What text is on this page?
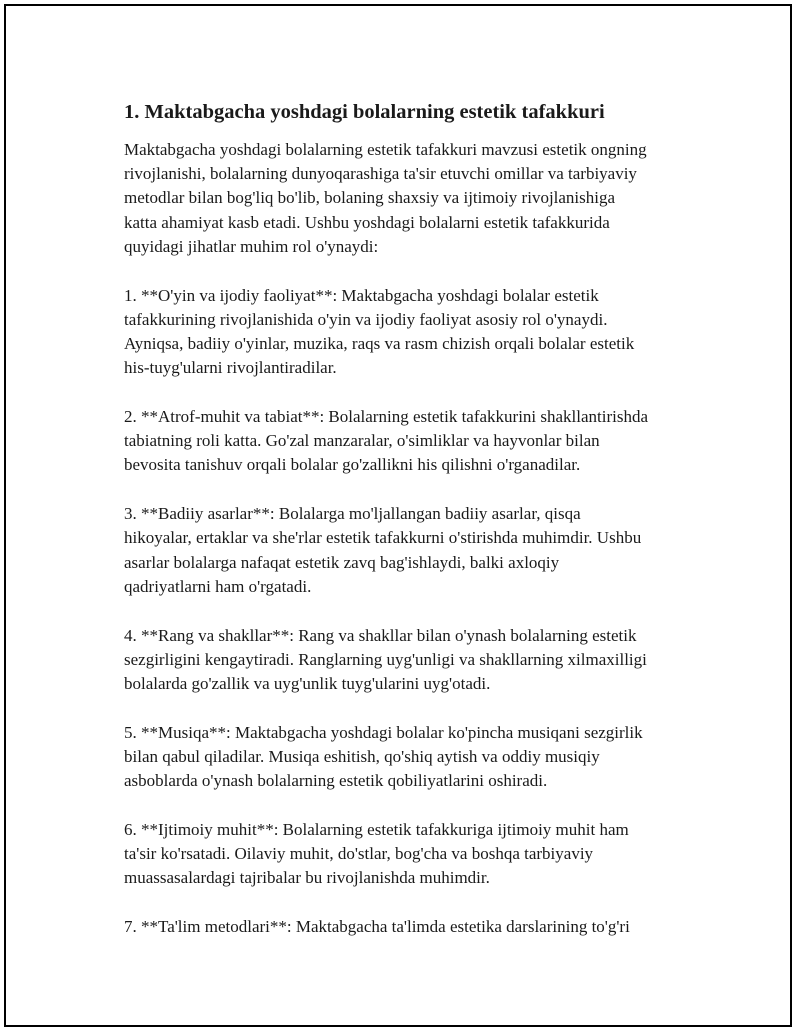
1. Maktabgacha yoshdagi bolalarning estetik tafakkuri

Maktabgacha yoshdagi bolalarning estetik tafakkuri mavzusi estetik ongning
rivojlanishi, bolalarning dunyoqarashiga ta'sir etuvchi omillar va tarbiyaviy
metodlar bilan bog'liq bo'lib, bolaning shaxsiy va ijtimoiy rivojlanishiga
katta ahamiyat kasb etadi. Ushbu yoshdagi bolalarni estetik tafakkurida
quyidagi jihatlar muhim rol o'ynaydi:

1. **O'yin va ijodiy faoliyat**: Maktabgacha yoshdagi bolalar estetik
tafakkurining rivojlanishida o'yin va ijodiy faoliyat asosiy rol o'ynaydi.
Ayniqsa, badiiy o'yinlar, muzika, raqs va rasm chizish orqali bolalar estetik
his-tuyg'ularni rivojlantiradilar.

2. **Atrof-muhit va tabiat**: Bolalarning estetik tafakkurini shakllantirishda
tabiatning roli katta. Go'zal manzaralar, o'simliklar va hayvonlar bilan
bevosita tanishuv orqali bolalar go'zallikni his qilishni o'rganadilar.

3. **Badiiy asarlar**: Bolalarga mo'ljallangan badiiy asarlar, qisqa
hikoyalar, ertaklar va she'rlar estetik tafakkurni o'stirishda muhimdir. Ushbu
asarlar bolalarga nafaqat estetik zavq bag'ishlaydi, balki axloqiy
qadriyatlarni ham o'rgatadi.

4. **Rang va shakllar**: Rang va shakllar bilan o'ynash bolalarning estetik
sezgirligini kengaytiradi. Ranglarning uyg'unligi va shakllarning xilmaxilligi
bolalarda go'zallik va uyg'unlik tuyg'ularini uyg'otadi.

5. **Musiqa**: Maktabgacha yoshdagi bolalar ko'pincha musiqani sezgirlik
bilan qabul qiladilar. Musiqa eshitish, qo'shiq aytish va oddiy musiqiy
asboblarda o'ynash bolalarning estetik qobiliyatlarini oshiradi.

6. **Ijtimoiy muhit**: Bolalarning estetik tafakkuriga ijtimoiy muhit ham
ta'sir ko'rsatadi. Oilaviy muhit, do'stlar, bog'cha va boshqa tarbiyaviy
muassasalardagi tajribalar bu rivojlanishda muhimdir.

7. **Ta'lim metodlari**: Maktabgacha ta'limda estetika darslarining to'g'ri
